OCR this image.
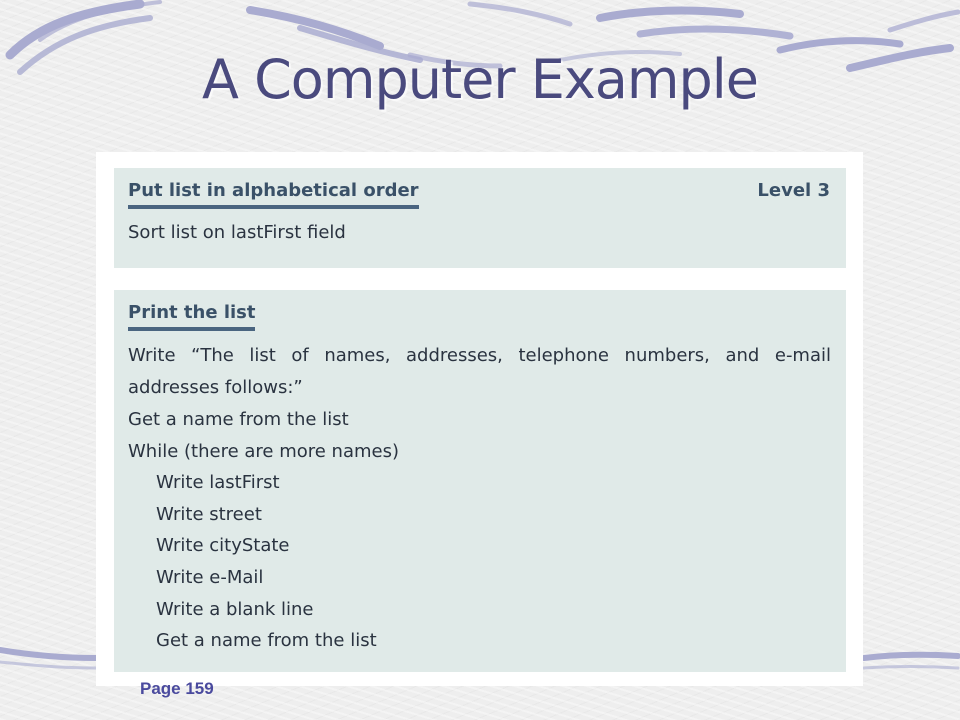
A Computer Example
Put list in alphabetical order	Level 3
Sort list on lastFirst field
Print the list
Write “The list of names, addresses, telephone numbers, and e-mail addresses follows:”
Get a name from the list
While (there are more names)
Write lastFirst
Write street
Write cityState
Write e-Mail
Write a blank line
Get a name from the list
Page 159
